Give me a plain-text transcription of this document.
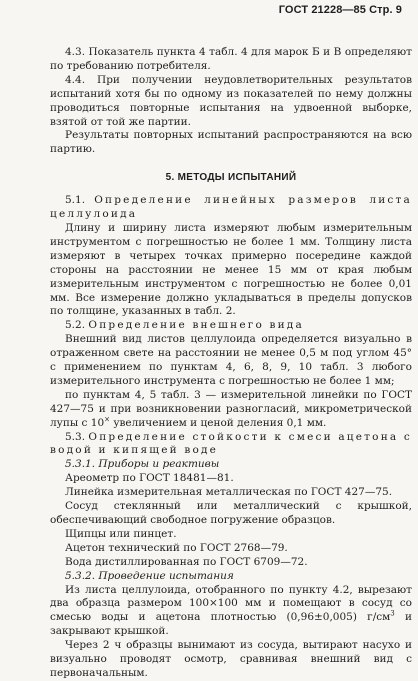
ГОСТ 21228—85 Стр. 9

4.3. Показатель пункта 4 табл. 4 для марок Б и В определяют по требованию потребителя.

4.4. При получении неудовлетворительных результатов испытаний хотя бы по одному из показателей по нему должны проводиться повторные испытания на удвоенной выборке, взятой от той же партии.

Результаты повторных испытаний распространяются на всю партию.

5. МЕТОДЫ ИСПЫТАНИЙ

5.1. Определение линейных размеров листа целлулоида

Длину и ширину листа измеряют любым измерительным инструментом с погрешностью не более 1 мм. Толщину листа измеряют в четырех точках примерно посередине каждой стороны на расстоянии не менее 15 мм от края любым измерительным инструментом с погрешностью не более 0,01 мм. Все измерение должно укладываться в пределы допусков по толщине, указанных в табл. 2.

5.2. Определение внешнего вида

Внешний вид листов целлулоида определяется визуально в отраженном свете на расстоянии не менее 0,5 м под углом 45° с применением по пунктам 4, 6, 8, 9, 10 табл. 3 любого измерительного инструмента с погрешностью не более 1 мм;

по пунктам 4, 5 табл. 3 — измерительной линейки по ГОСТ 427—75 и при возникновении разногласий, микрометрической лупы с 10× увеличением и ценой деления 0,1 мм.

5.3. Определение стойкости к смеси ацетона с водой и кипящей воде

5.3.1. Приборы и реактивы

Ареометр по ГОСТ 18481—81.

Линейка измерительная металлическая по ГОСТ 427—75.

Сосуд стеклянный или металлический с крышкой, обеспечивающий свободное погружение образцов.

Щипцы или пинцет.

Ацетон технический по ГОСТ 2768—79.

Вода дистиллированная по ГОСТ 6709—72.

5.3.2. Проведение испытания

Из листа целлулоида, отобранного по пункту 4.2, вырезают два образца размером 100×100 мм и помещают в сосуд со смесью воды и ацетона плотностью (0,96±0,005) $г/см^3$ и закрывают крышкой.

Через 2 ч образцы вынимают из сосуда, вытирают насухо и визуально проводят осмотр, сравнивая внешний вид с первоначальным.
